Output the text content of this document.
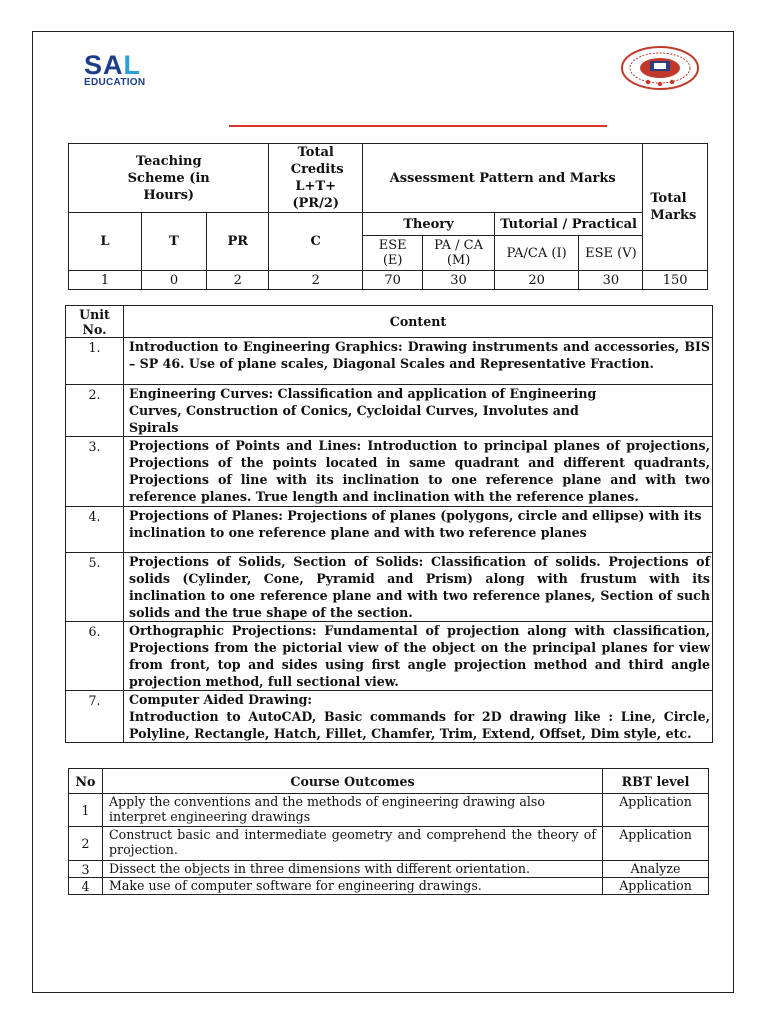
SAL
EDUCATION
Teaching Scheme (in Hours)			Total Credits L+T+(PR/2)	Assessment Pattern and Marks				Total Marks

L	T	PR	C	Theory		Tutorial / Practical		

				ESE (E)	PA / CA (M)	PA/CA (I)	ESE (V)	
1	0	2	2	70	30	20	30	150
Unit No.	Content
1.	Introduction to Engineering Graphics: Drawing instruments and accessories, BIS – SP 46. Use of plane scales, Diagonal Scales and Representative Fraction.
2.	Engineering Curves: Classification and application of Engineering Curves, Construction of Conics, Cycloidal Curves, Involutes and Spirals

3.	Projections of Points and Lines: Introduction to principal planes of projections, Projections of the points located in same quadrant and different quadrants, Projections of line with its inclination to one reference plane and with two reference planes. True length and inclination with the reference planes.
4.	Projections of Planes: Projections of planes (polygons, circle and ellipse) with its inclination to one reference plane and with two reference planes

5.	Projections of Solids, Section of Solids: Classification of solids. Projections of solids (Cylinder, Cone, Pyramid and Prism) along with frustum with its inclination to one reference plane and with two reference planes, Section of such solids and the true shape of the section.
6.	Orthographic Projections: Fundamental of projection along with classification, Projections from the pictorial view of the object on the principal planes for view from front, top and sides using first angle projection method and third angle projection method, full sectional view.
7.	Computer Aided Drawing:
Introduction to AutoCAD, Basic commands for 2D drawing like : Line, Circle, Polyline, Rectangle, Hatch, Fillet, Chamfer, Trim, Extend, Offset, Dim style, etc.
No	Course Outcomes	RBT level
1	Apply the conventions and the methods of engineering drawing also interpret engineering drawings	Application
2	Construct basic and intermediate geometry and comprehend the theory of projection.	Application
3	Dissect the objects in three dimensions with different orientation.	Analyze
4	Make use of computer software for engineering drawings.	Application
